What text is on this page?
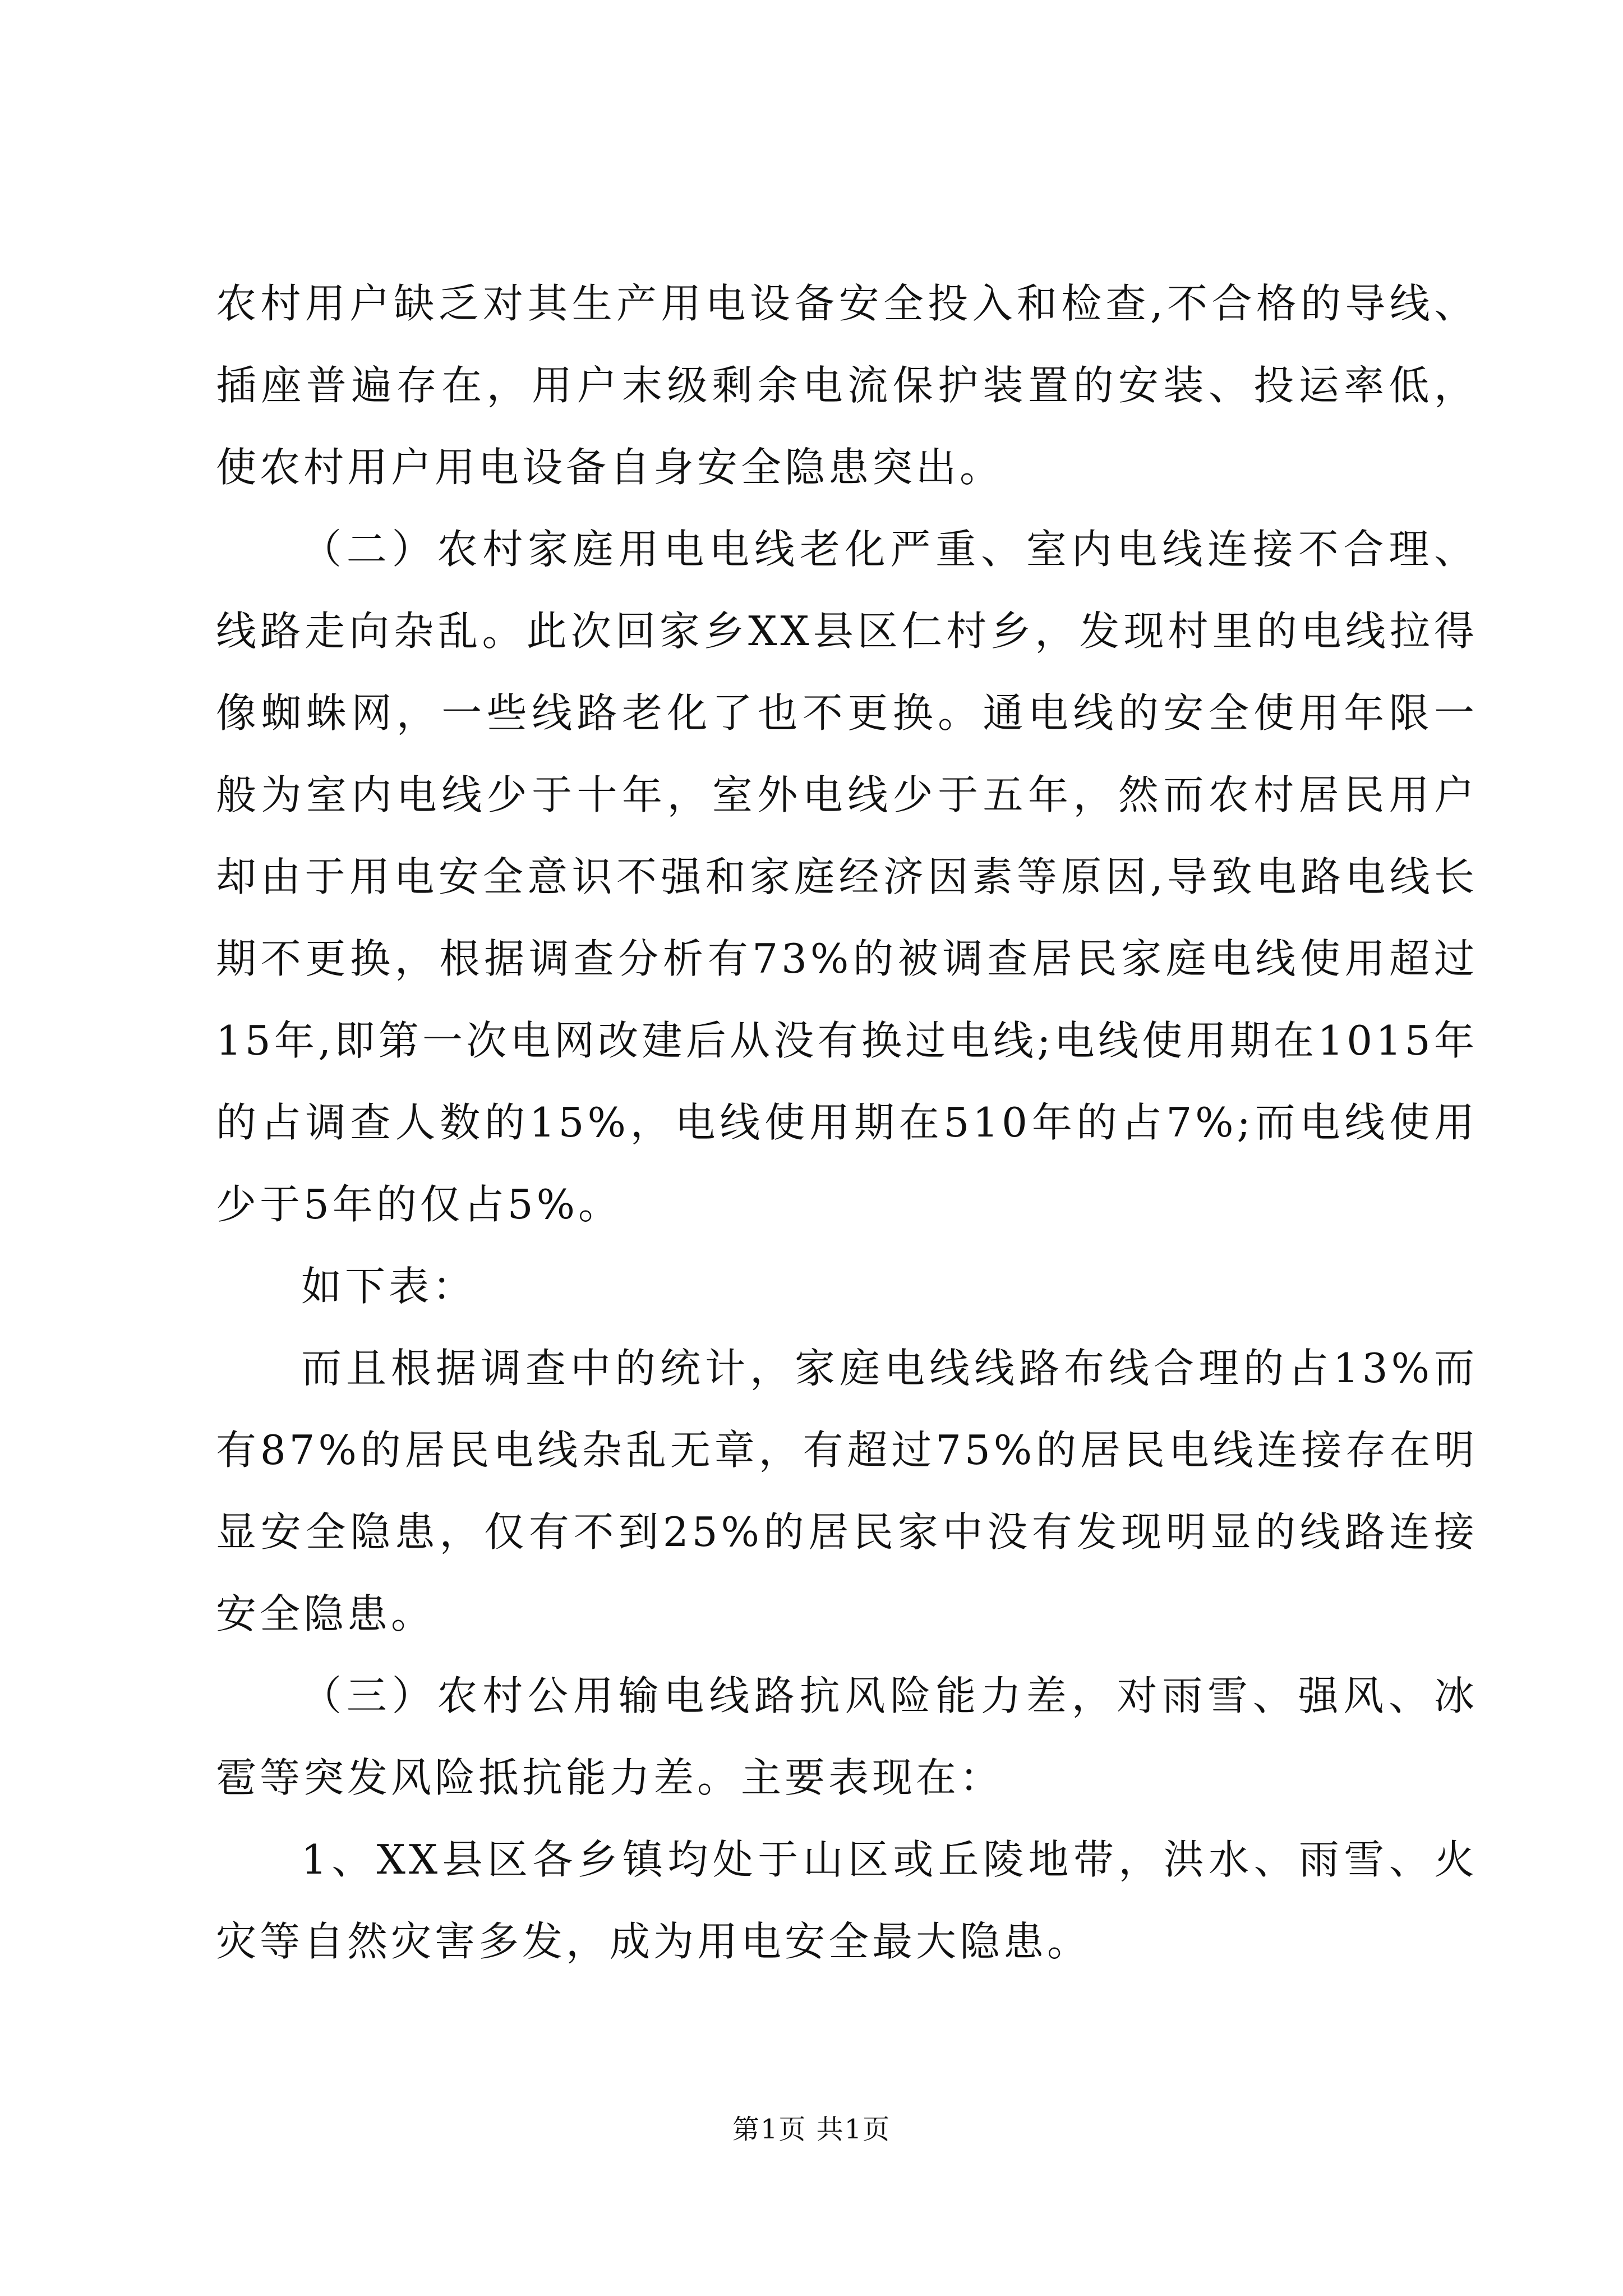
农村用户缺乏对其生产用电设备安全投入和检查,不合格的导线、插座普遍存在，用户末级剩余电流保护装置的安装、投运率低，使农村用户用电设备自身安全隐患突出。

（二）农村家庭用电电线老化严重、室内电线连接不合理、线路走向杂乱。此次回家乡XX县区仁村乡，发现村里的电线拉得像蜘蛛网，一些线路老化了也不更换。通电线的安全使用年限一般为室内电线少于十年，室外电线少于五年，然而农村居民用户却由于用电安全意识不强和家庭经济因素等原因,导致电路电线长期不更换，根据调查分析有73%的被调查居民家庭电线使用超过15年,即第一次电网改建后从没有换过电线;电线使用期在1015年的占调查人数的15%，电线使用期在510年的占7%;而电线使用少于5年的仅占5%。

如下表：

而且根据调查中的统计，家庭电线线路布线合理的占13%而有87%的居民电线杂乱无章，有超过75%的居民电线连接存在明显安全隐患，仅有不到25%的居民家中没有发现明显的线路连接安全隐患。

（三）农村公用输电线路抗风险能力差，对雨雪、强风、冰雹等突发风险抵抗能力差。主要表现在：

1、XX县区各乡镇均处于山区或丘陵地带，洪水、雨雪、火灾等自然灾害多发，成为用电安全最大隐患。

第1页 共1页
